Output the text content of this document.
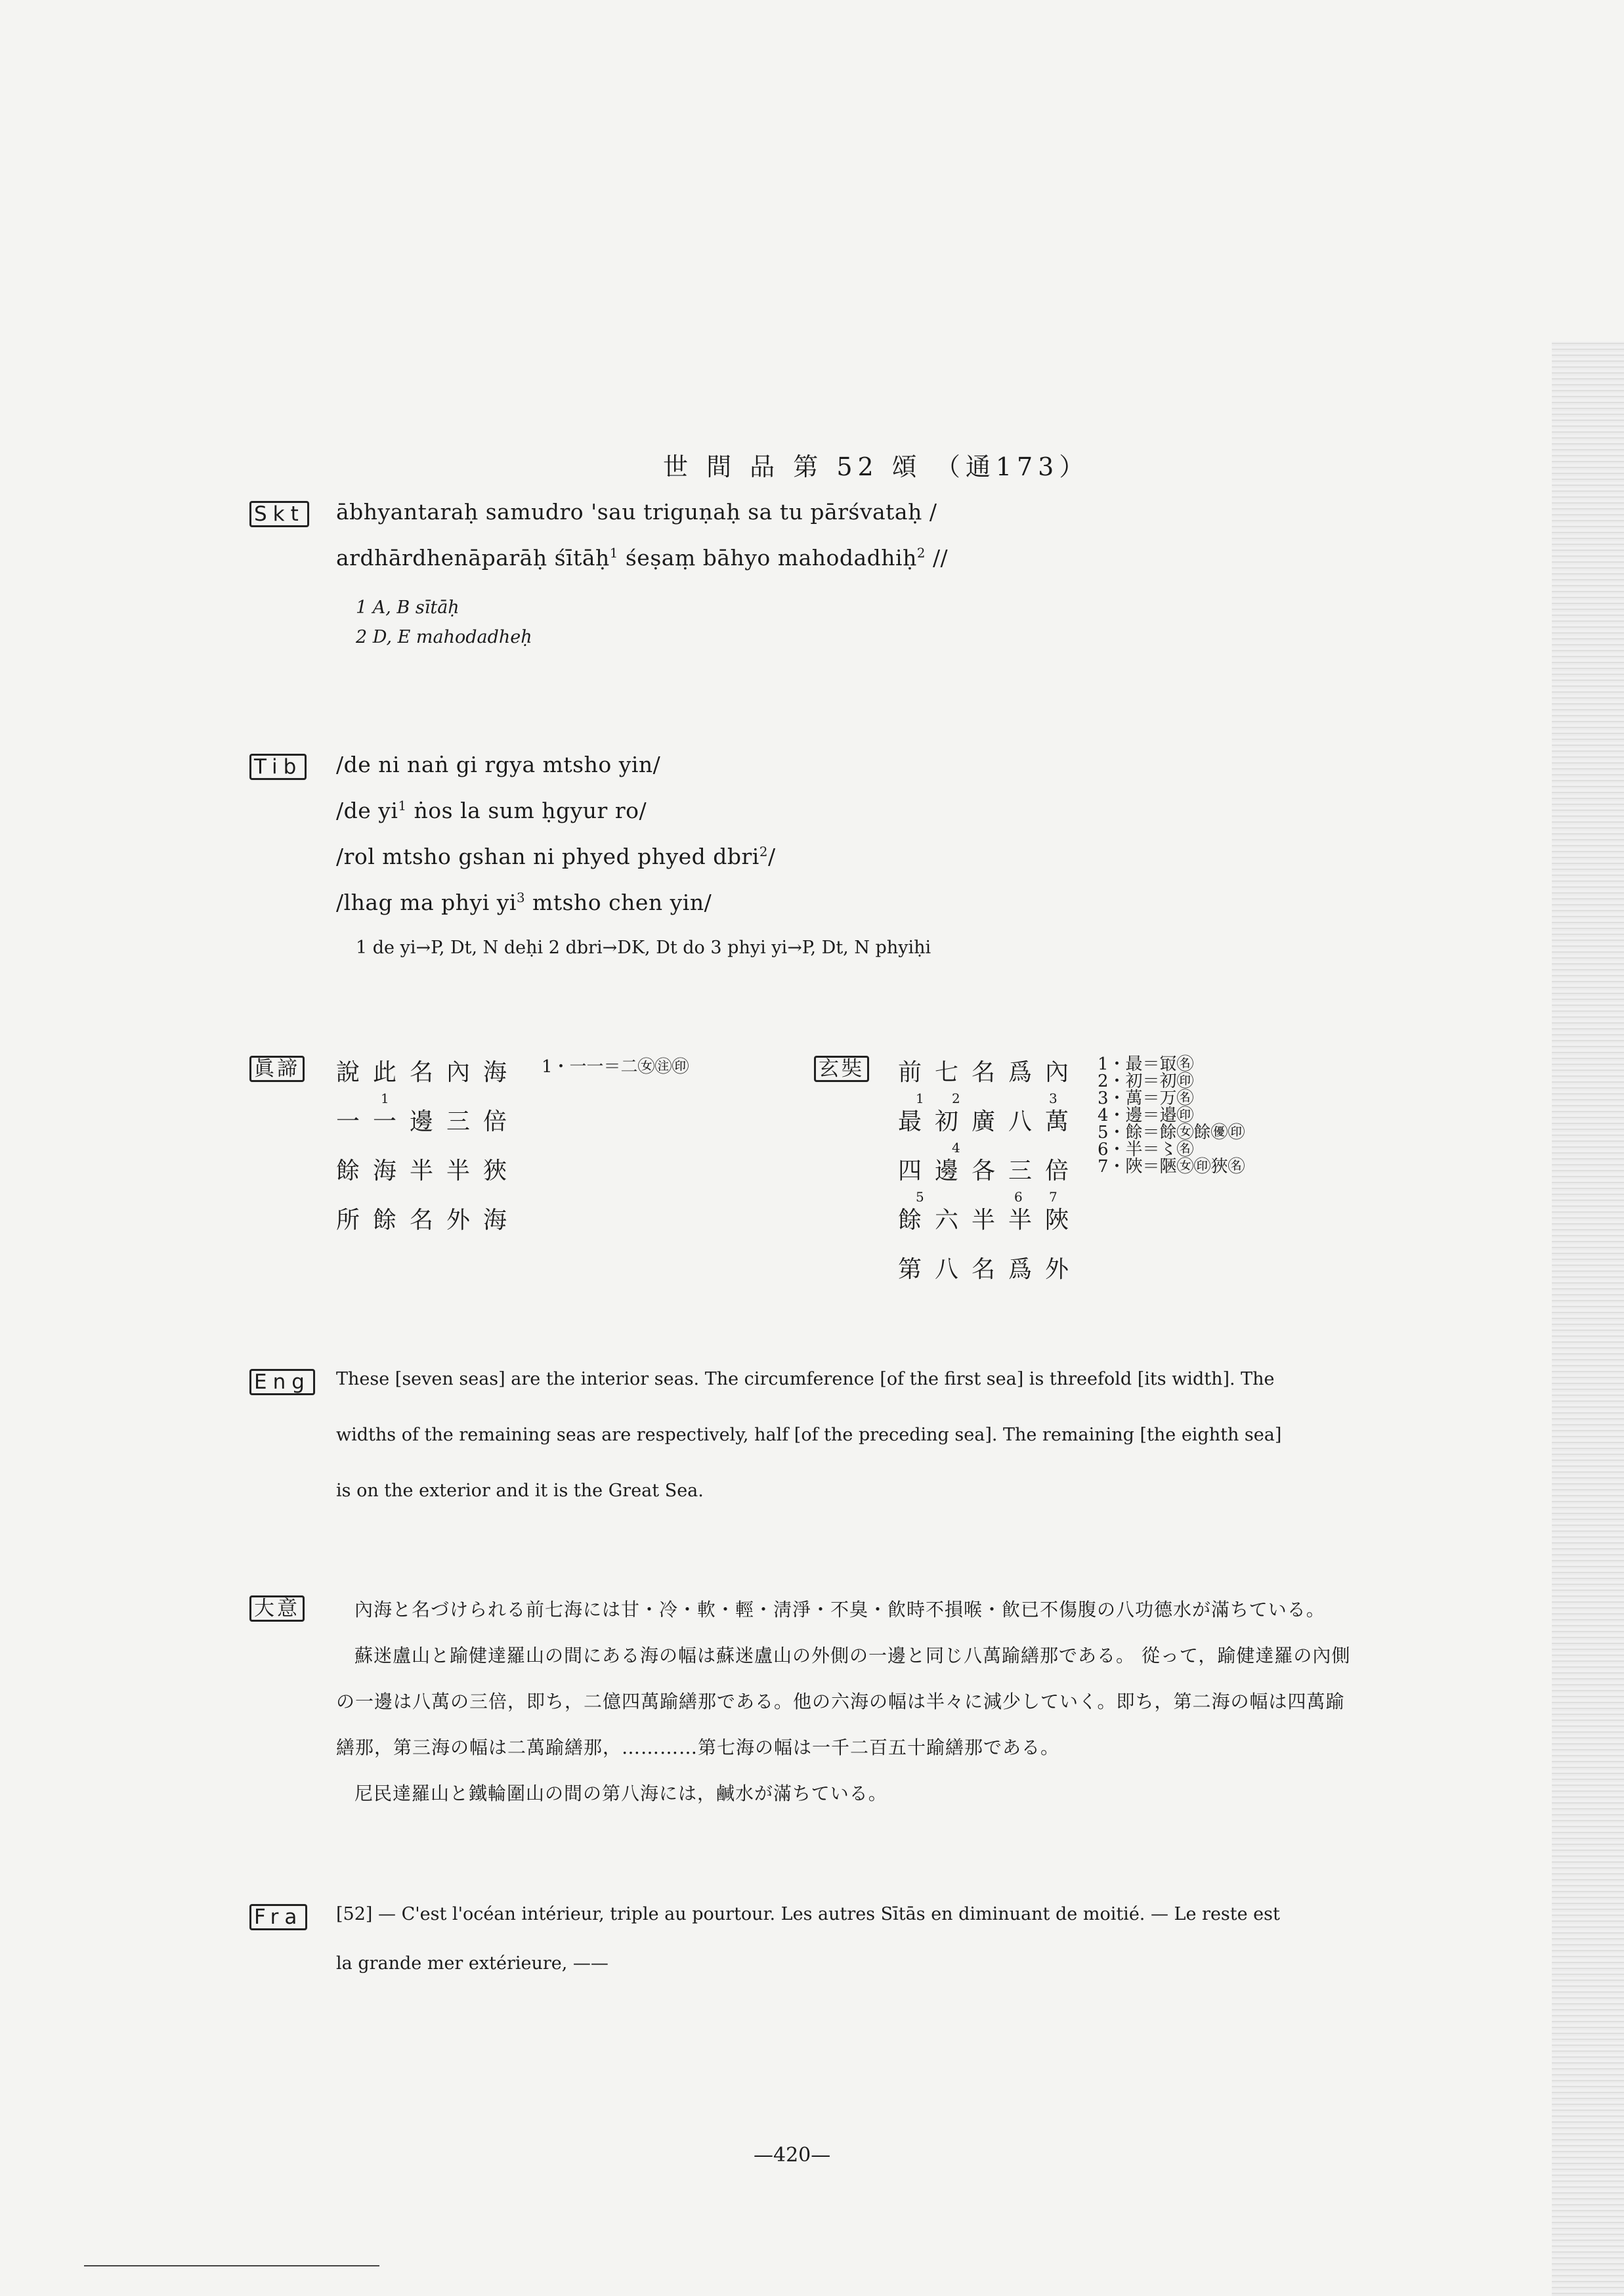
世 間 品 第 52 頌 （通173）
Skt ābhyantaraḥ samudro 'sau triguṇaḥ sa tu pārśvataḥ /
ardhārdhenāparāḥ śītāḥ$^1$ śeṣaṃ bāhyo mahodadhiḥ$^2$ //
1 A, B sītāḥ
2 D, E mahodadheḥ
Tib /de ni naṅ gi rgya mtsho yin/
/de $yi^1$ ṅos la sum ḥgyur ro/
/rol mtsho gshan ni phyed phyed dbri$^2$/
/lhag ma phyi $yi^3$ mtsho chen yin/
1 de yi→P, Dt, N deḥi 2 dbri→DK, Dt do 3 phyi yi→P, Dt, N phyiḥi
眞諦 說此名內海
1
一一邊三倍
餘海半半狹
所餘名外海
1・一一＝二㊛㊟㊞	玄奘 前七名爲內
1 2	3
最初廣八萬
4
四邊各三倍
5	6 7
餘六半半陜
第八名爲外
1・最＝冣㊔
2・初＝初㊞
3・萬＝万㊔
4・邊＝邉㊞
5・餘＝餘㊛餘㊝㊞
6・半＝〻㊔
7・陜＝陿㊛㊞狹㊔
Eng These [seven seas] are the interior seas. The circumference [of the first sea] is threefold [its width]. The
widths of the remaining seas are respectively, half [of the preceding sea]. The remaining [the eighth sea]
is on the exterior and it is the Great Sea.
大意	內海と名づけられる前七海には甘・冷・軟・輕・淸淨・不臭・飮時不損喉・飮已不傷腹の八功德水が滿ちている。
蘇迷盧山と踰健達羅山の間にある海の幅は蘇迷盧山の外側の一邊と同じ八萬踰繕那である。 從って，踰健達羅の內側
の一邊は八萬の三倍，即ち，二億四萬踰繕那である。他の六海の幅は半々に減少していく。即ち，第二海の幅は四萬踰
繕那，第三海の幅は二萬踰繕那，…………第七海の幅は一千二百五十踰繕那である。
尼民達羅山と鐵輪圍山の間の第八海には，鹹水が滿ちている。
Fra [52] — C'est l'océan intérieur, triple au pourtour. Les autres Sītās en diminuant de moitié. — Le reste est
la grande mer extérieure, ——
—420—
